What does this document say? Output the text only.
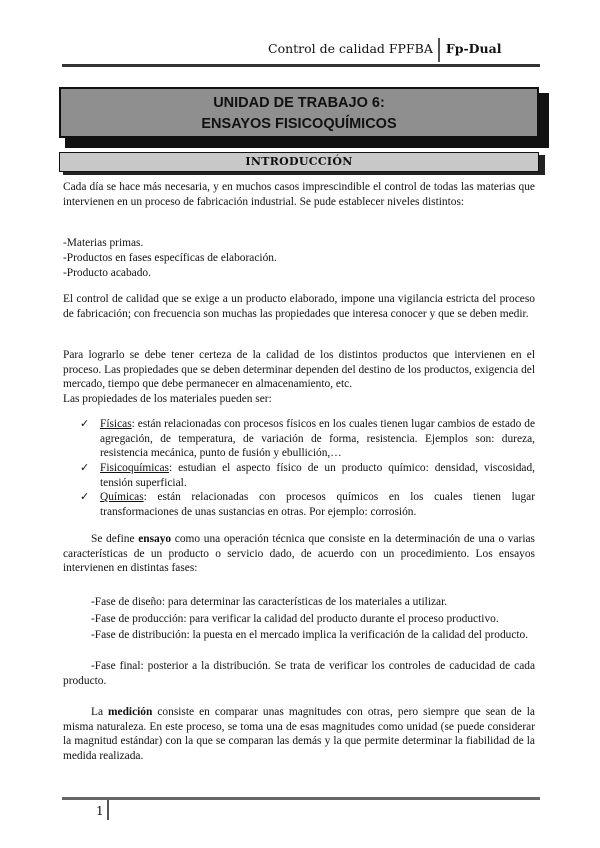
Control de calidad FPFBA	Fp-Dual
UNIDAD DE TRABAJO 6:
ENSAYOS FISICOQUÍMICOS
INTRODUCCIÓN

Cada día se hace más necesaria, y en muchos casos imprescindible el control de todas las materias que intervienen en un proceso de fabricación industrial. Se pude establecer niveles distintos:

-Materias primas.

-Productos en fases específicas de elaboración.

-Producto acabado.

El control de calidad que se exige a un producto elaborado, impone una vigilancia estricta del proceso de fabricación; con frecuencia son muchas las propiedades que interesa conocer y que se deben medir.

Para lograrlo se debe tener certeza de la calidad de los distintos productos que intervienen en el proceso. Las propiedades que se deben determinar dependen del destino de los productos, exigencia del mercado, tiempo que debe permanecer en almacenamiento, etc.

Las propiedades de los materiales pueden ser:

✓ Físicas: están relacionadas con procesos físicos en los cuales tienen lugar cambios de estado de agregación, de temperatura, de variación de forma, resistencia. Ejemplos son: dureza, resistencia mecánica, punto de fusión y ebullición,…
✓ Fisicoquímicas: estudian el aspecto físico de un producto químico: densidad, viscosidad, tensión superficial.
✓ Químicas: están relacionadas con procesos químicos en los cuales tienen lugar transformaciones de unas sustancias en otras. Por ejemplo: corrosión.

Se define ensayo como una operación técnica que consiste en la determinación de una o varias características de un producto o servicio dado, de acuerdo con un procedimiento. Los ensayos intervienen en distintas fases:

-Fase de diseño: para determinar las características de los materiales a utilizar.

-Fase de producción: para verificar la calidad del producto durante el proceso productivo.

-Fase de distribución: la puesta en el mercado implica la verificación de la calidad del producto.

-Fase final: posterior a la distribución. Se trata de verificar los controles de caducidad de cada producto.

La medición consiste en comparar unas magnitudes con otras, pero siempre que sean de la misma naturaleza. En este proceso, se toma una de esas magnitudes como unidad (se puede considerar la magnitud estándar) con la que se comparan las demás y la que permite determinar la fiabilidad de la medida realizada.

1
